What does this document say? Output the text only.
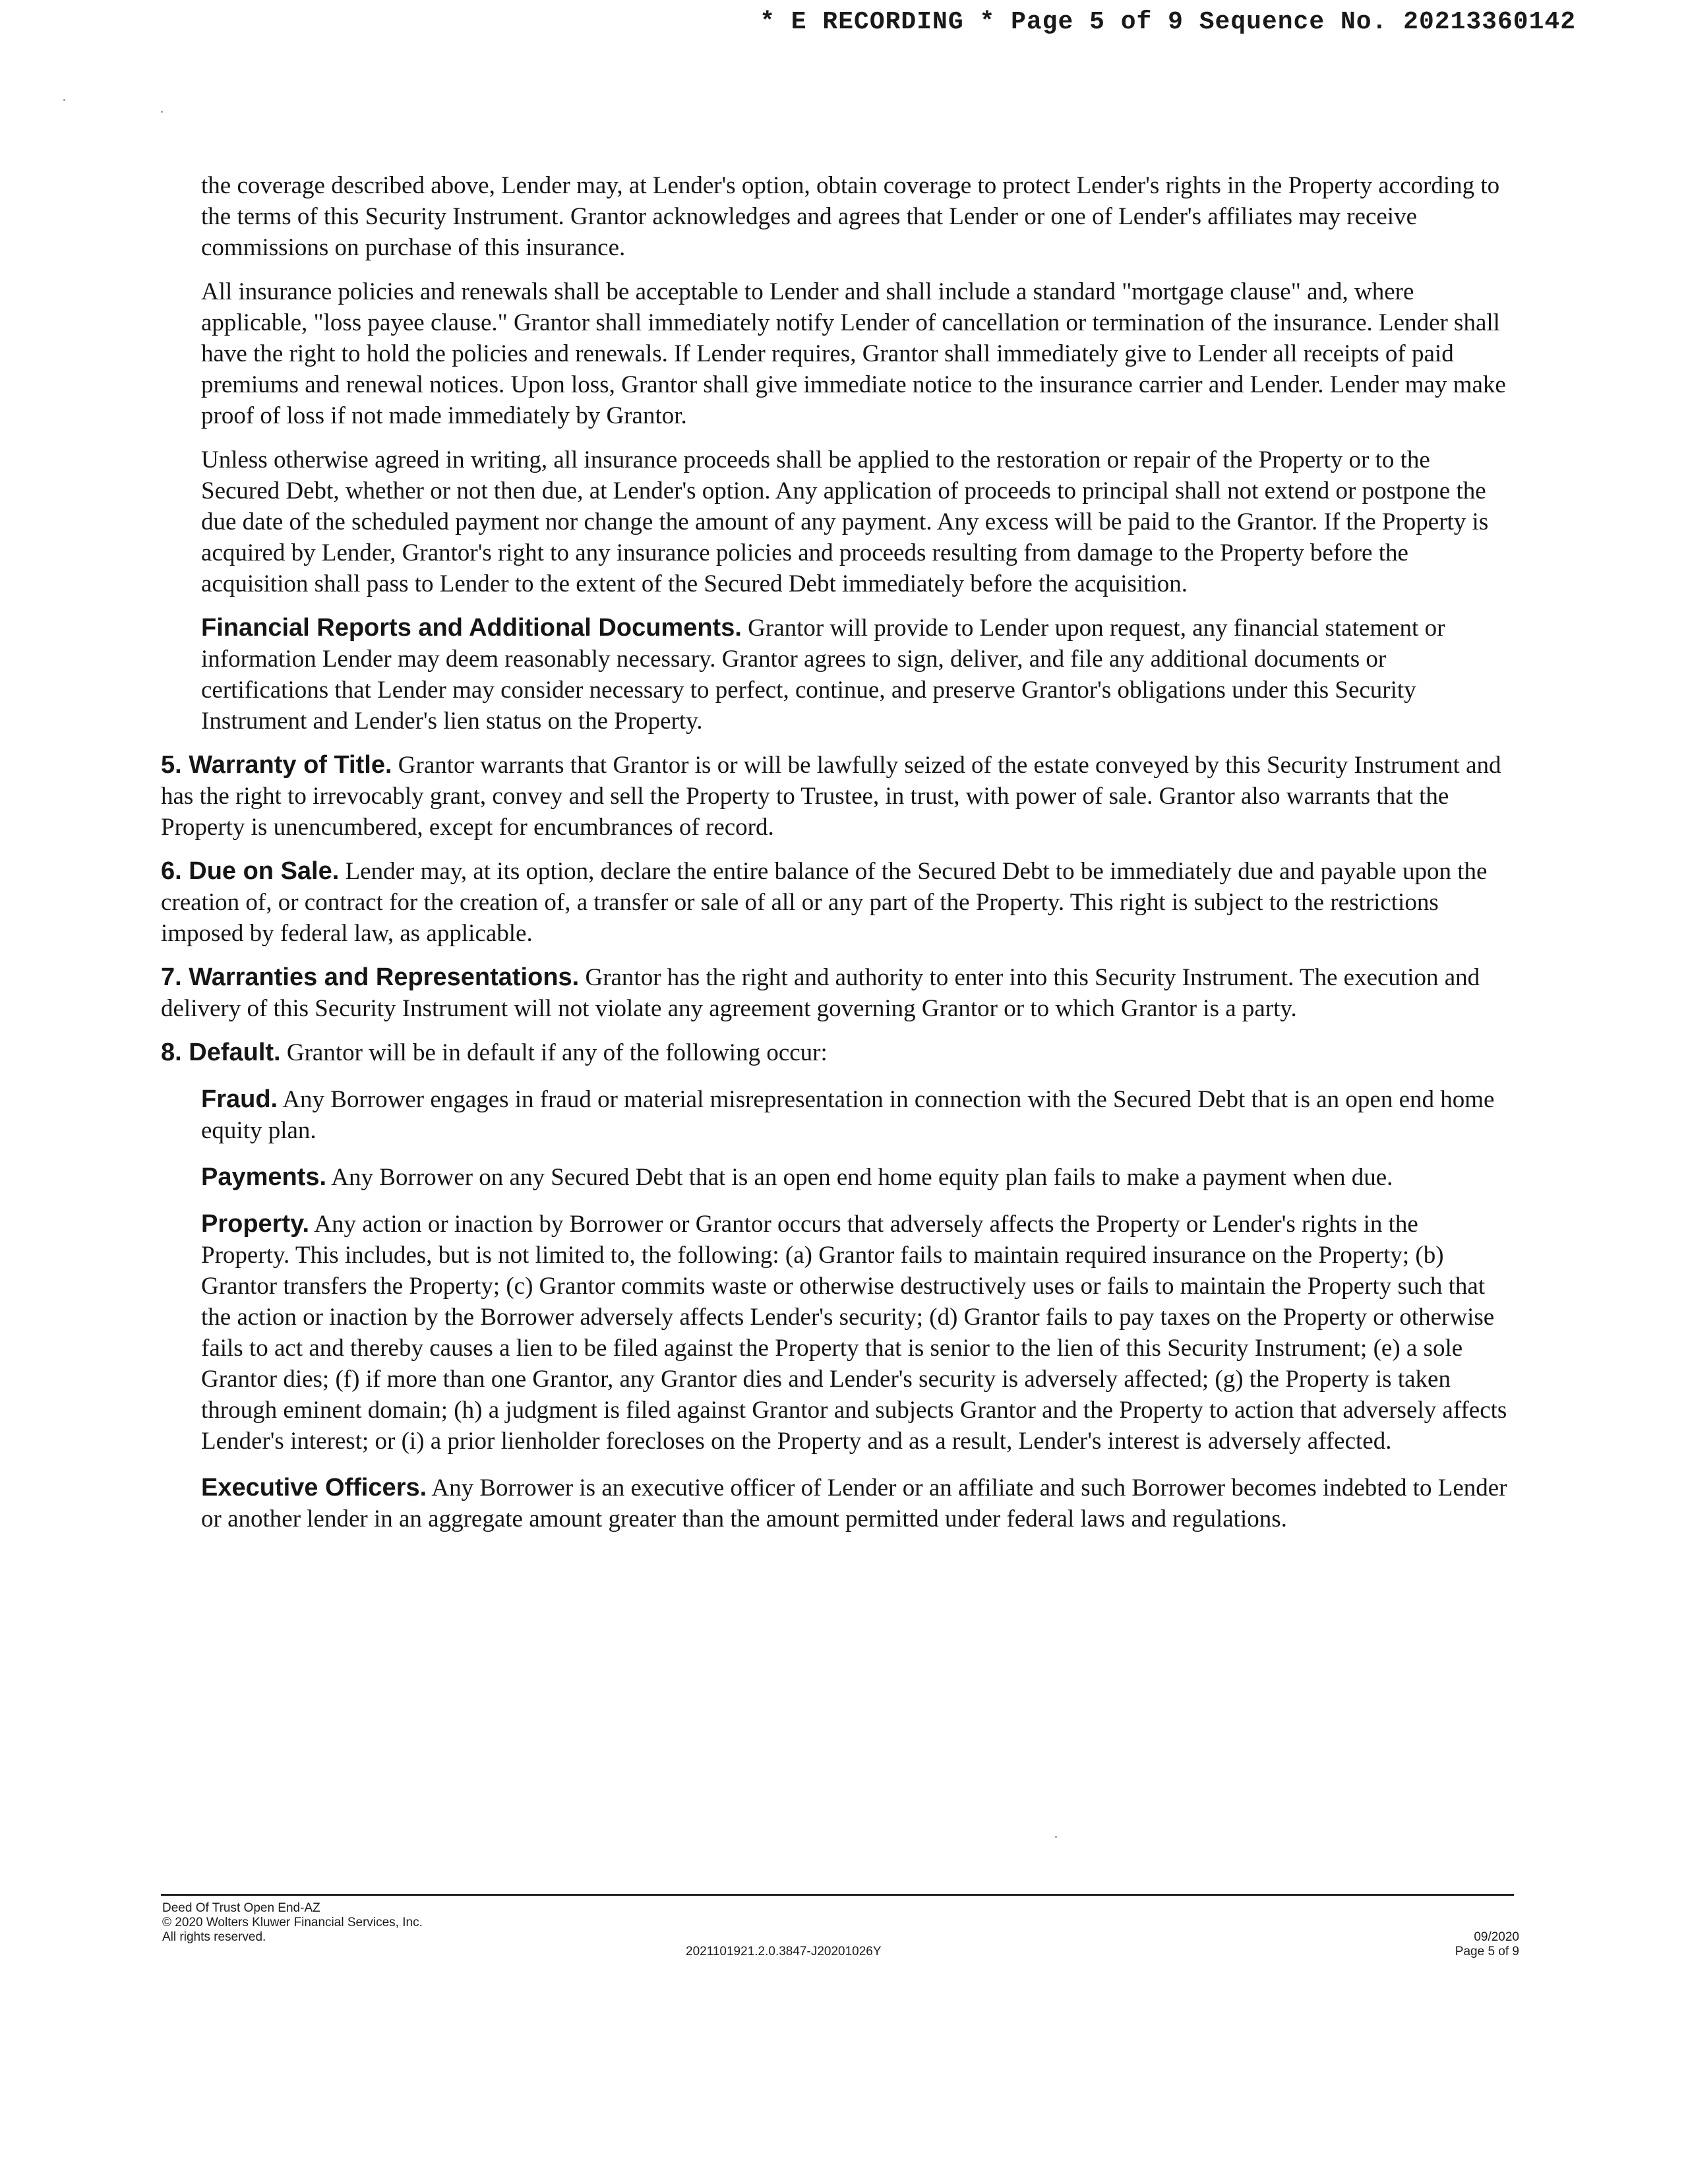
* E RECORDING * Page 5 of 9 Sequence No. 20213360142

the coverage described above, Lender may, at Lender's option, obtain coverage to protect Lender's rights in the Property according to the terms of this Security Instrument. Grantor acknowledges and agrees that Lender or one of Lender's affiliates may receive commissions on purchase of this insurance.

All insurance policies and renewals shall be acceptable to Lender and shall include a standard "mortgage clause" and, where applicable, "loss payee clause." Grantor shall immediately notify Lender of cancellation or termination of the insurance. Lender shall have the right to hold the policies and renewals. If Lender requires, Grantor shall immediately give to Lender all receipts of paid premiums and renewal notices. Upon loss, Grantor shall give immediate notice to the insurance carrier and Lender. Lender may make proof of loss if not made immediately by Grantor.

Unless otherwise agreed in writing, all insurance proceeds shall be applied to the restoration or repair of the Property or to the Secured Debt, whether or not then due, at Lender's option. Any application of proceeds to principal shall not extend or postpone the due date of the scheduled payment nor change the amount of any payment. Any excess will be paid to the Grantor. If the Property is acquired by Lender, Grantor's right to any insurance policies and proceeds resulting from damage to the Property before the acquisition shall pass to Lender to the extent of the Secured Debt immediately before the acquisition.

Financial Reports and Additional Documents. Grantor will provide to Lender upon request, any financial statement or information Lender may deem reasonably necessary. Grantor agrees to sign, deliver, and file any additional documents or certifications that Lender may consider necessary to perfect, continue, and preserve Grantor's obligations under this Security Instrument and Lender's lien status on the Property.

5. Warranty of Title. Grantor warrants that Grantor is or will be lawfully seized of the estate conveyed by this Security Instrument and has the right to irrevocably grant, convey and sell the Property to Trustee, in trust, with power of sale. Grantor also warrants that the Property is unencumbered, except for encumbrances of record.

6. Due on Sale. Lender may, at its option, declare the entire balance of the Secured Debt to be immediately due and payable upon the creation of, or contract for the creation of, a transfer or sale of all or any part of the Property. This right is subject to the restrictions imposed by federal law, as applicable.

7. Warranties and Representations. Grantor has the right and authority to enter into this Security Instrument. The execution and delivery of this Security Instrument will not violate any agreement governing Grantor or to which Grantor is a party.

8. Default. Grantor will be in default if any of the following occur:

Fraud. Any Borrower engages in fraud or material misrepresentation in connection with the Secured Debt that is an open end home equity plan.

Payments. Any Borrower on any Secured Debt that is an open end home equity plan fails to make a payment when due.

Property. Any action or inaction by Borrower or Grantor occurs that adversely affects the Property or Lender's rights in the Property. This includes, but is not limited to, the following: (a) Grantor fails to maintain required insurance on the Property; (b) Grantor transfers the Property; (c) Grantor commits waste or otherwise destructively uses or fails to maintain the Property such that the action or inaction by the Borrower adversely affects Lender's security; (d) Grantor fails to pay taxes on the Property or otherwise fails to act and thereby causes a lien to be filed against the Property that is senior to the lien of this Security Instrument; (e) a sole Grantor dies; (f) if more than one Grantor, any Grantor dies and Lender's security is adversely affected; (g) the Property is taken through eminent domain; (h) a judgment is filed against Grantor and subjects Grantor and the Property to action that adversely affects Lender's interest; or (i) a prior lienholder forecloses on the Property and as a result, Lender's interest is adversely affected.

Executive Officers. Any Borrower is an executive officer of Lender or an affiliate and such Borrower becomes indebted to Lender or another lender in an aggregate amount greater than the amount permitted under federal laws and regulations.

Deed Of Trust Open End-AZ
© 2020 Wolters Kluwer Financial Services, Inc.
All rights reserved.
2021101921.2.0.3847-J20201026Y
09/2020
Page 5 of 9
